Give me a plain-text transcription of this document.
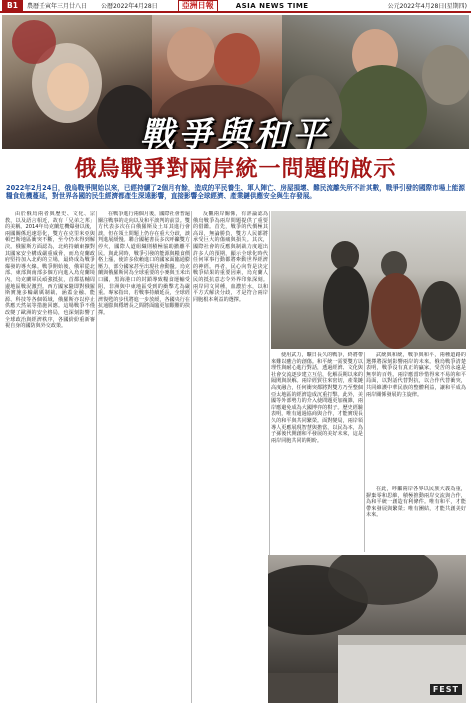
B1	農曆壬寅年三月廿八日 公曆2022年4月28日	亞洲日報	ASIA NEWS TIME	公元2022年4月28日(星期四)
戰爭與和平
俄烏戰爭對兩岸統一問題的啟示
2022年2月24日，俄烏戰爭開始以來，已經持續了2個月有餘，造成的平民養生、軍人陣亡、房屋損壞、難民流離失所不計其數，戰爭引發的國際市場上能源糧食危機蔓延，對世界各國的民生經濟都產生深遠影響，直接影響全球經濟、產業鏈供應安全與生存發展。

由於俄烏兩者與歷史、文化、宗教，以及語言相近，故有「兄弟之邦」的美稱。2014年烏克蘭危機爆發以後，兩國關係迅速惡化，雙方在克里米亞與頓巴斯地區衝突不斷，至今仍未得到解決。俄羅斯方面認為，北約持續東擴對其國家安全構成嚴重威脅，而烏克蘭政府堅持加入北約的立場，最終成為戰爭爆發的導火線。戰爭開始後，俄軍從北部、東部與南部多個方向進入烏克蘭境內，烏克蘭軍民頑強抵抗，首都基輔周邊地區戰況激烈。西方國家隨即對俄羅斯實施多輪嚴厲制裁，涵蓋金融、能源、科技等各個領域，俄羅斯亦以停止供應天然氣等措施回應。這場戰爭不僅改變了歐洲的安全格局，也深刻影響了全球政治與經濟秩序，各國紛紛重新審視自身的國防與外交政策。

在戰爭進行兩個月後，國際社會普遍關注戰事的走向以及和平談判的前景。雙方代表多次在白俄羅斯及土耳其進行會談，但在領土問題上仍存在重大分歧，談判進展緩慢。聯合國秘書長多次呼籲雙方停火，國際人道組織則積極協助撤離平民。與此同時，戰爭引發的能源與糧食價格上漲，使許多依賴進口的國家面臨通膨壓力，部分國家甚至出現社會動盪。烏克蘭與俄羅斯同為全球重要的小麥與玉米出口國，黑海港口的封鎖導致糧食運輸受阻，非洲與中東地區受到的衝擊尤為嚴重。專家指出，若戰事持續延長，全球經濟復甦的步伐將進一步放緩，各國央行在抗通膨與穩增長之間將面臨更加艱難的抉擇。

反觀兩岸關係，有評論認為俄烏戰爭為兩岸問題提供了重要的借鑑。首先，戰爭的代價極其高昂，無論勝負，雙方人民都將承受巨大的傷痛與損失。其次，國際社會的反應與制裁力度超出許多人的預期，顯示全球化時代任何軍事行動都將牽動世界經濟的神經。再者，民心向背是決定戰爭結果的重要因素，烏克蘭人民的抵抗意志令外界印象深刻。兩岸同文同種，血濃於水，以和平方式解決分歧，才是符合兩岸同胞根本利益的選擇。

使用武力，曠日長久的戰爭，終將帶來難以癒合的創傷。和平統一需要雙方以理性與耐心進行對話，透過經濟、文化與社會交流逐步建立互信，化解長期以來的隔閡與誤解。兩岸經貿往來密切，產業鏈高度融合，任何衝突都將對雙方乃至整個亞太地區的經濟造成沉重打擊。此外，美國等外部勢力的介入使問題更加複雜，兩岸應避免成為大國博弈的棋子。歷史經驗表明，唯有通過協商與合作，才能實現長久的和平與共同繁榮。面對變局，兩岸領導人更應展現智慧與擔當，以民為本，為子孫後代開創和平發展的美好未來，這是兩岸同胞共同的期盼。

武統與和統，戰爭與和平，兩種道路的選擇將深刻影響兩岸的未來。俄烏戰爭清楚表明，戰爭沒有真正的贏家，受苦的永遠是無辜的百姓。兩岸應當珍惜得來不易的和平局面，以對話代替對抗，以合作代替衝突，共同維護中華民族的整體利益，讓和平成為兩岸關係發展的主旋律。

在此，呼籲兩岸各界以民族大義為重，摒棄零和思維，積極推動兩岸交流與合作，為和平統一創造有利條件。唯有和平，才能帶來發展與繁榮；唯有團結，才能共創美好未來。

FEST
